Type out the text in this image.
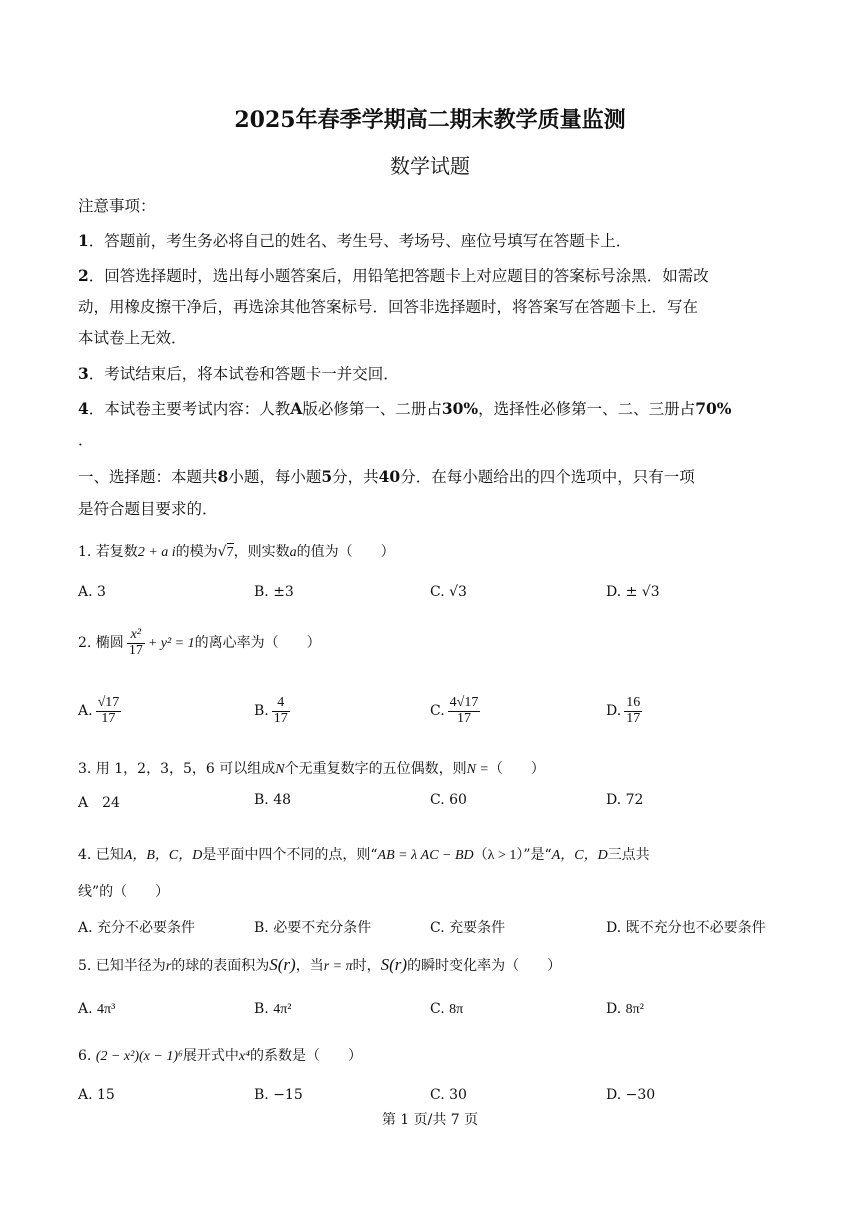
2025年春季学期高二期末教学质量监测
数学试题
注意事项：
1．答题前，考生务必将自己的姓名、考生号、考场号、座位号填写在答题卡上．
2．回答选择题时，选出每小题答案后，用铅笔把答题卡上对应题目的答案标号涂黑．如需改
动，用橡皮擦干净后，再选涂其他答案标号．回答非选择题时，将答案写在答题卡上．写在
本试卷上无效．
3．考试结束后，将本试卷和答题卡一并交回．
4．本试卷主要考试内容：人教A版必修第一、二册占30%，选择性必修第一、二、三册占70%
．
一、选择题：本题共8小题，每小题5分，共40分．在每小题给出的四个选项中，只有一项
是符合题目要求的．
1. 若复数2 + a i的模为√7，则实数a的值为（　　）
A. 3	B. ±3	C. √3	D. ± √3
2. 椭圆 $\frac{\text{x²}}{17} + y^2 = 1$的离心率为（　　）
A. $\frac{√17}{17}$	B. $\frac{4}{17}$	C. $\frac{4√17}{17}$	D. $\frac{16}{17}$
3. 用 1，2，3，5，6 可以组成N个无重复数字的五位偶数，则N =（　　）
A　24	B. 48	C. 60	D. 72
4. 已知A，B，C，D是平面中四个不同的点，则“AB = λ AC − BD（λ > 1）”是“A，C，D三点共
线”的（　　）
A. 充分不必要条件	B. 必要不充分条件	C. 充要条件	D. 既不充分也不必要条件
5. 已知半径为r的球的表面积为S(r)，当r = π时，S(r)的瞬时变化率为（　　）
A. 4π³	B. 4π²	C. 8π	D. 8π²
6. (2 − x²)(x − 1)⁶展开式中x⁴的系数是（　　）
A. 15	B. −15	C. 30	D. −30
第 1 页/共 7 页
